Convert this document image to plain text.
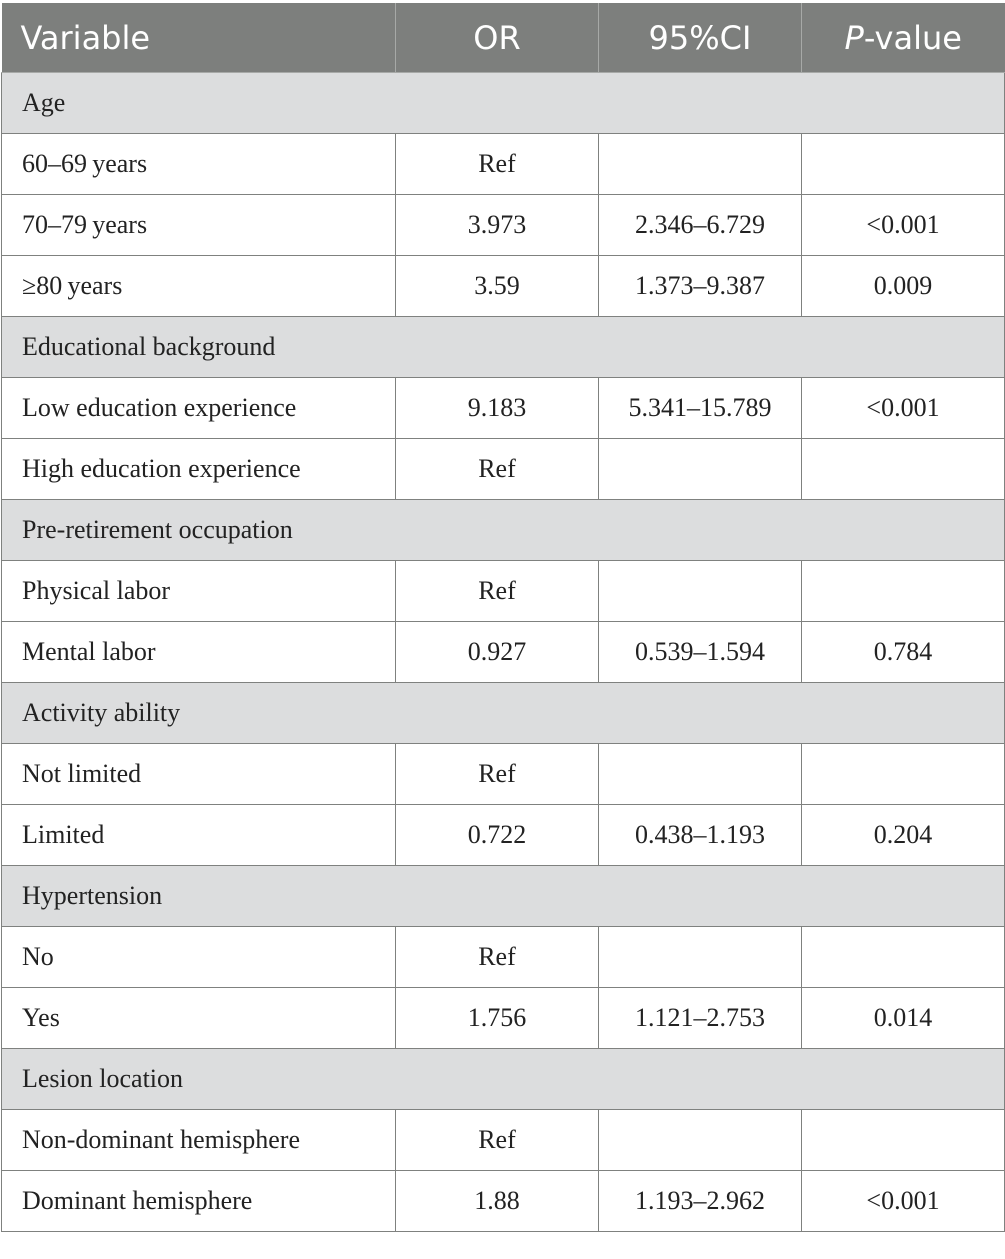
Variable	OR	95%CI	P-value
Age			
60–69 years	Ref		
70–79 years	3.973	2.346–6.729	<0.001
≥80 years	3.59	1.373–9.387	0.009
Educational background			
Low education experience	9.183	5.341–15.789	<0.001
High education experience	Ref		
Pre-retirement occupation			
Physical labor	Ref		
Mental labor	0.927	0.539–1.594	0.784
Activity ability			
Not limited	Ref		
Limited	0.722	0.438–1.193	0.204
Hypertension			
No	Ref		
Yes	1.756	1.121–2.753	0.014
Lesion location			
Non-dominant hemisphere	Ref		
Dominant hemisphere	1.88	1.193–2.962	<0.001
